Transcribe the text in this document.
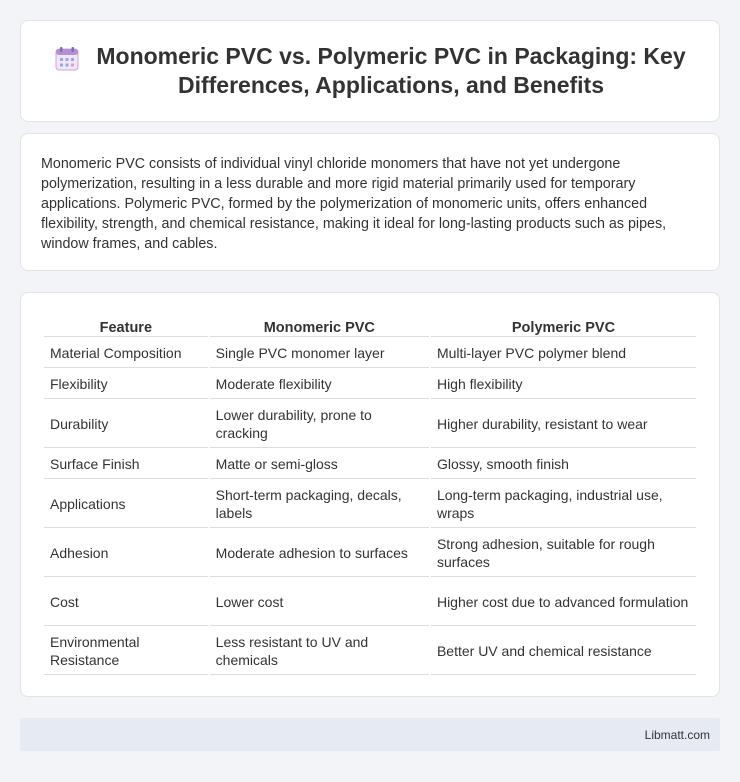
Monomeric PVC vs. Polymeric PVC in Packaging: Key Differences, Applications, and Benefits

Monomeric PVC consists of individual vinyl chloride monomers that have not yet undergone polymerization, resulting in a less durable and more rigid material primarily used for temporary applications. Polymeric PVC, formed by the polymerization of monomeric units, offers enhanced flexibility, strength, and chemical resistance, making it ideal for long-lasting products such as pipes, window frames, and cables.

Feature	Monomeric PVC	Polymeric PVC
Material Composition	Single PVC monomer layer	Multi-layer PVC polymer blend
Flexibility	Moderate flexibility	High flexibility
Durability	Lower durability, prone to cracking	Higher durability, resistant to wear
Surface Finish	Matte or semi-gloss	Glossy, smooth finish
Applications	Short-term packaging, decals, labels	Long-term packaging, industrial use, wraps
Adhesion	Moderate adhesion to surfaces	Strong adhesion, suitable for rough surfaces
Cost	Lower cost	Higher cost due to advanced formulation
Environmental Resistance	Less resistant to UV and chemicals	Better UV and chemical resistance
Libmatt.com
